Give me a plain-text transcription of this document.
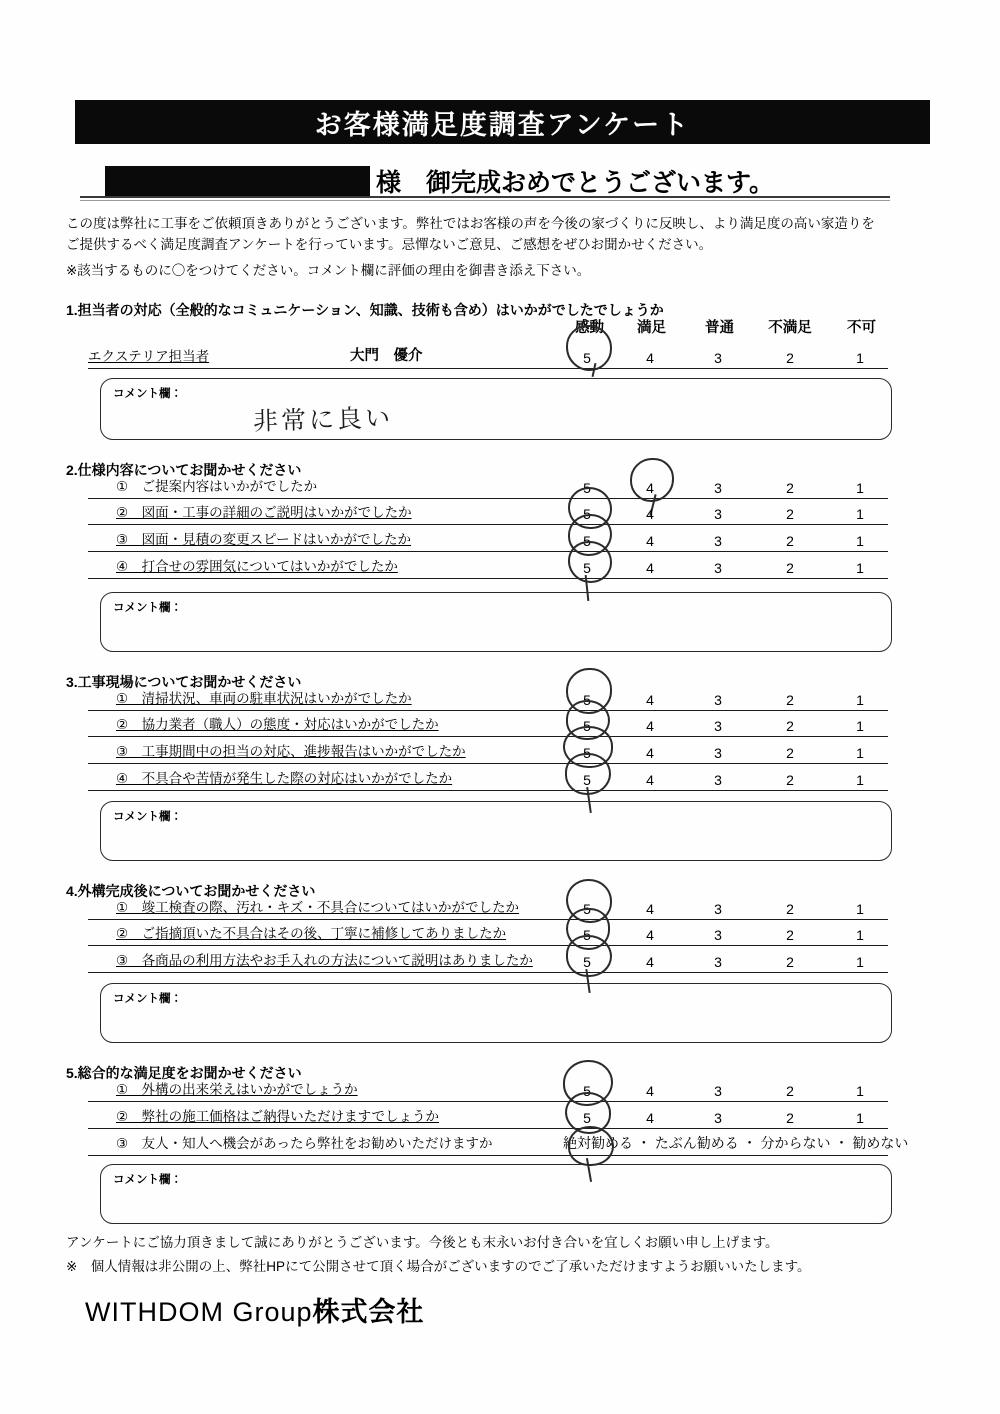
お客様満足度調査アンケート
様　御完成おめでとうございます。

この度は弊社に工事をご依頼頂きありがとうございます。弊社ではお客様の声を今後の家づくりに反映し、より満足度の高い家造りを

ご提供するべく満足度調査アンケートを行っています。忌憚ないご意見、ご感想をぜひお聞かせください。

※該当するものに〇をつけてください。コメント欄に評価の理由を御書き添え下さい。

1.担当者の対応（全般的なコミュニケーション、知識、技術も含め）はいかがでしたでしょうか
感動 満足	普通 不満足 不可
エクステリア担当者	大門　優介	5	4	3	2	1
コメント欄：
非常に良い
2.仕様内容についてお聞かせください
①　ご提案内容はいかがでしたか	5	4	3	2	1
②　図面・工事の詳細のご説明はいかがでしたか	5	4	3	2	1
③　図面・見積の変更スピードはいかがでしたか	5	4	3	2	1
④　打合せの雰囲気についてはいかがでしたか	5	4	3	2	1
コメント欄：
3.工事現場についてお聞かせください
①　清掃状況、車両の駐車状況はいかがでしたか	5	4	3	2	1
②　協力業者（職人）の態度・対応はいかがでしたか	5	4	3	2	1
③　工事期間中の担当の対応、進捗報告はいかがでしたか	5	4	3	2	1
④　不具合や苦情が発生した際の対応はいかがでしたか	5	4	3	2	1
コメント欄：
4.外構完成後についてお聞かせください
①　竣工検査の際、汚れ・キズ・不具合についてはいかがでしたか	5	4	3	2	1
②　ご指摘頂いた不具合はその後、丁寧に補修してありましたか	5	4	3	2	1
③　各商品の利用方法やお手入れの方法について説明はありましたか	5	4	3	2	1
コメント欄：
5.総合的な満足度をお聞かせください
①　外構の出来栄えはいかがでしょうか	5	4	3	2	1
②　弊社の施工価格はご納得いただけますでしょうか	5	4	3	2	1
③　友人・知人へ機会があったら弊社をお勧めいただけますか	絶対勧める ・ たぶん勧める ・ 分からない ・ 勧めない
コメント欄：
アンケートにご協力頂きまして誠にありがとうございます。今後とも末永いお付き合いを宜しくお願い申し上げます。
※　個人情報は非公開の上、弊社HPにて公開させて頂く場合がございますのでご了承いただけますようお願いいたします。
WITHDOM Group株式会社
